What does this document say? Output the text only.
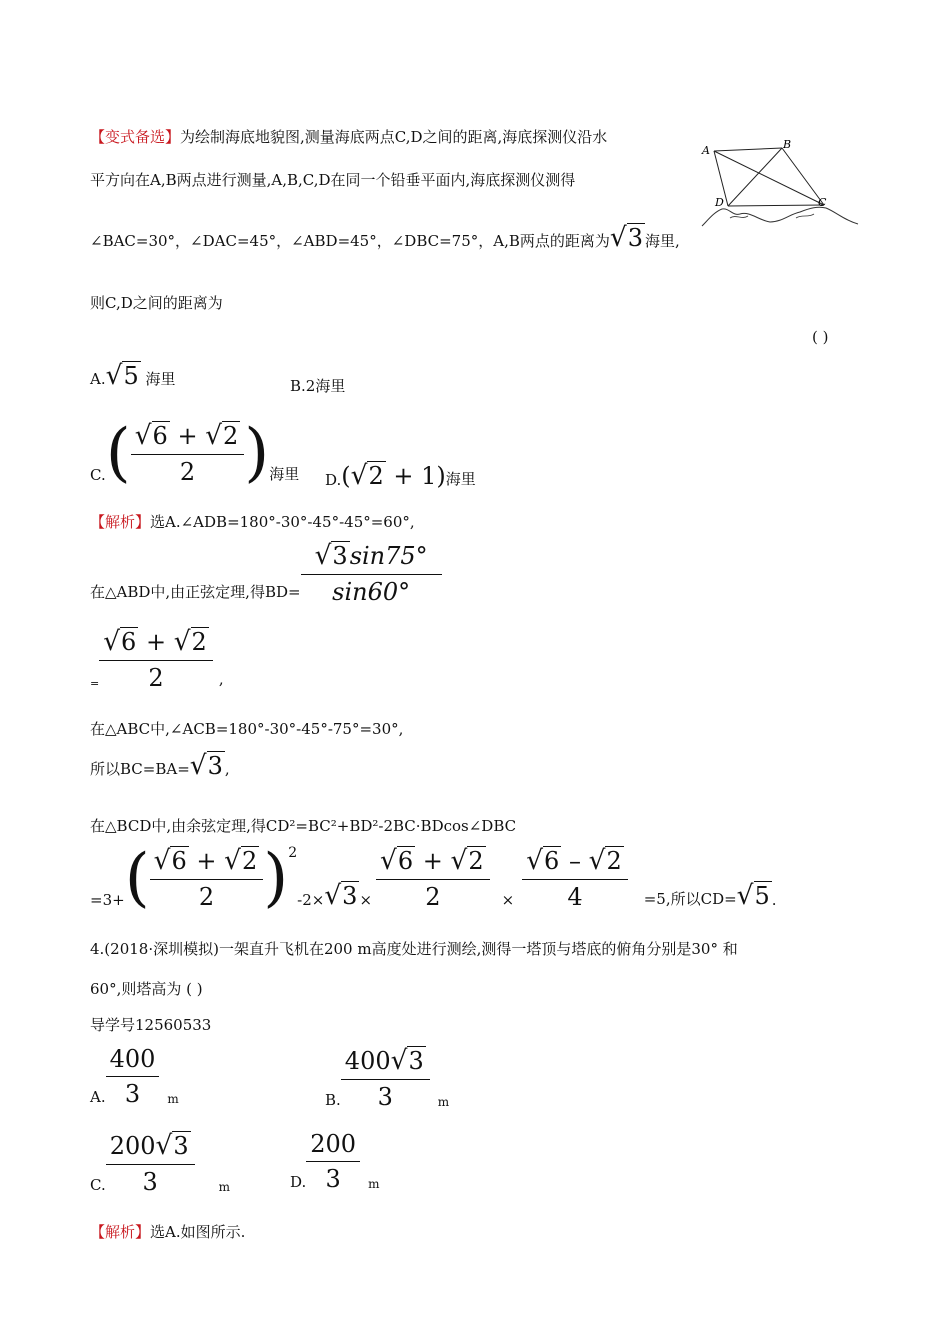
【变式备选】为绘制海底地貌图,测量海底两点C,D之间的距离,海底探测仪沿水
平方向在A,B两点进行测量,A,B,C,D在同一个铅垂平面内,海底探测仪测得
∠BAC=30°，∠DAC=45°，∠ABD=45°，∠DBC=75°，A,B两点的距离为√3 海里,
则C,D之间的距离为
( )
A	B
C
D
A.√5 海里	B.2海里
C. ( $\frac{√6 + √2}{2}$ ) 海里 D. (√2 + 1) 海里
【解析】选A.∠ADB=180°-30°-45°-45°=60°,
在△ABD中,由正弦定理,得$BD= \frac{√3\sin 75^\circ}{\sin 60^\circ}$
= $\frac{√6 + √2}{2}$ ,
在△ABC中,∠ACB=180°-30°-45°-75°=30°,
所以BC=BA=√3 ,
在△BCD中,由余弦定理,得CD²=BC²+BD²-2BC·BDcos∠DBC
=3+ ( $\frac{√6 + √2}{2}$ ) 2
$-2\times √3 \times \frac{√6 + √2}{2} \times \frac{√6 - √2}{4}$	=5,所以CD= √5 .
4.(2018·深圳模拟)一架直升飞机在200 m高度处进行测绘,测得一塔顶与塔底的俯角分别是30° 和
60°,则塔高为 ( )
导学号12560533
A. $\frac{400}{3}$ m	B. $\frac{400√3}{3}$ m
C. $\frac{200√3}{3}$	m	D. $\frac{200}{3}$ m
【解析】选A.如图所示.
